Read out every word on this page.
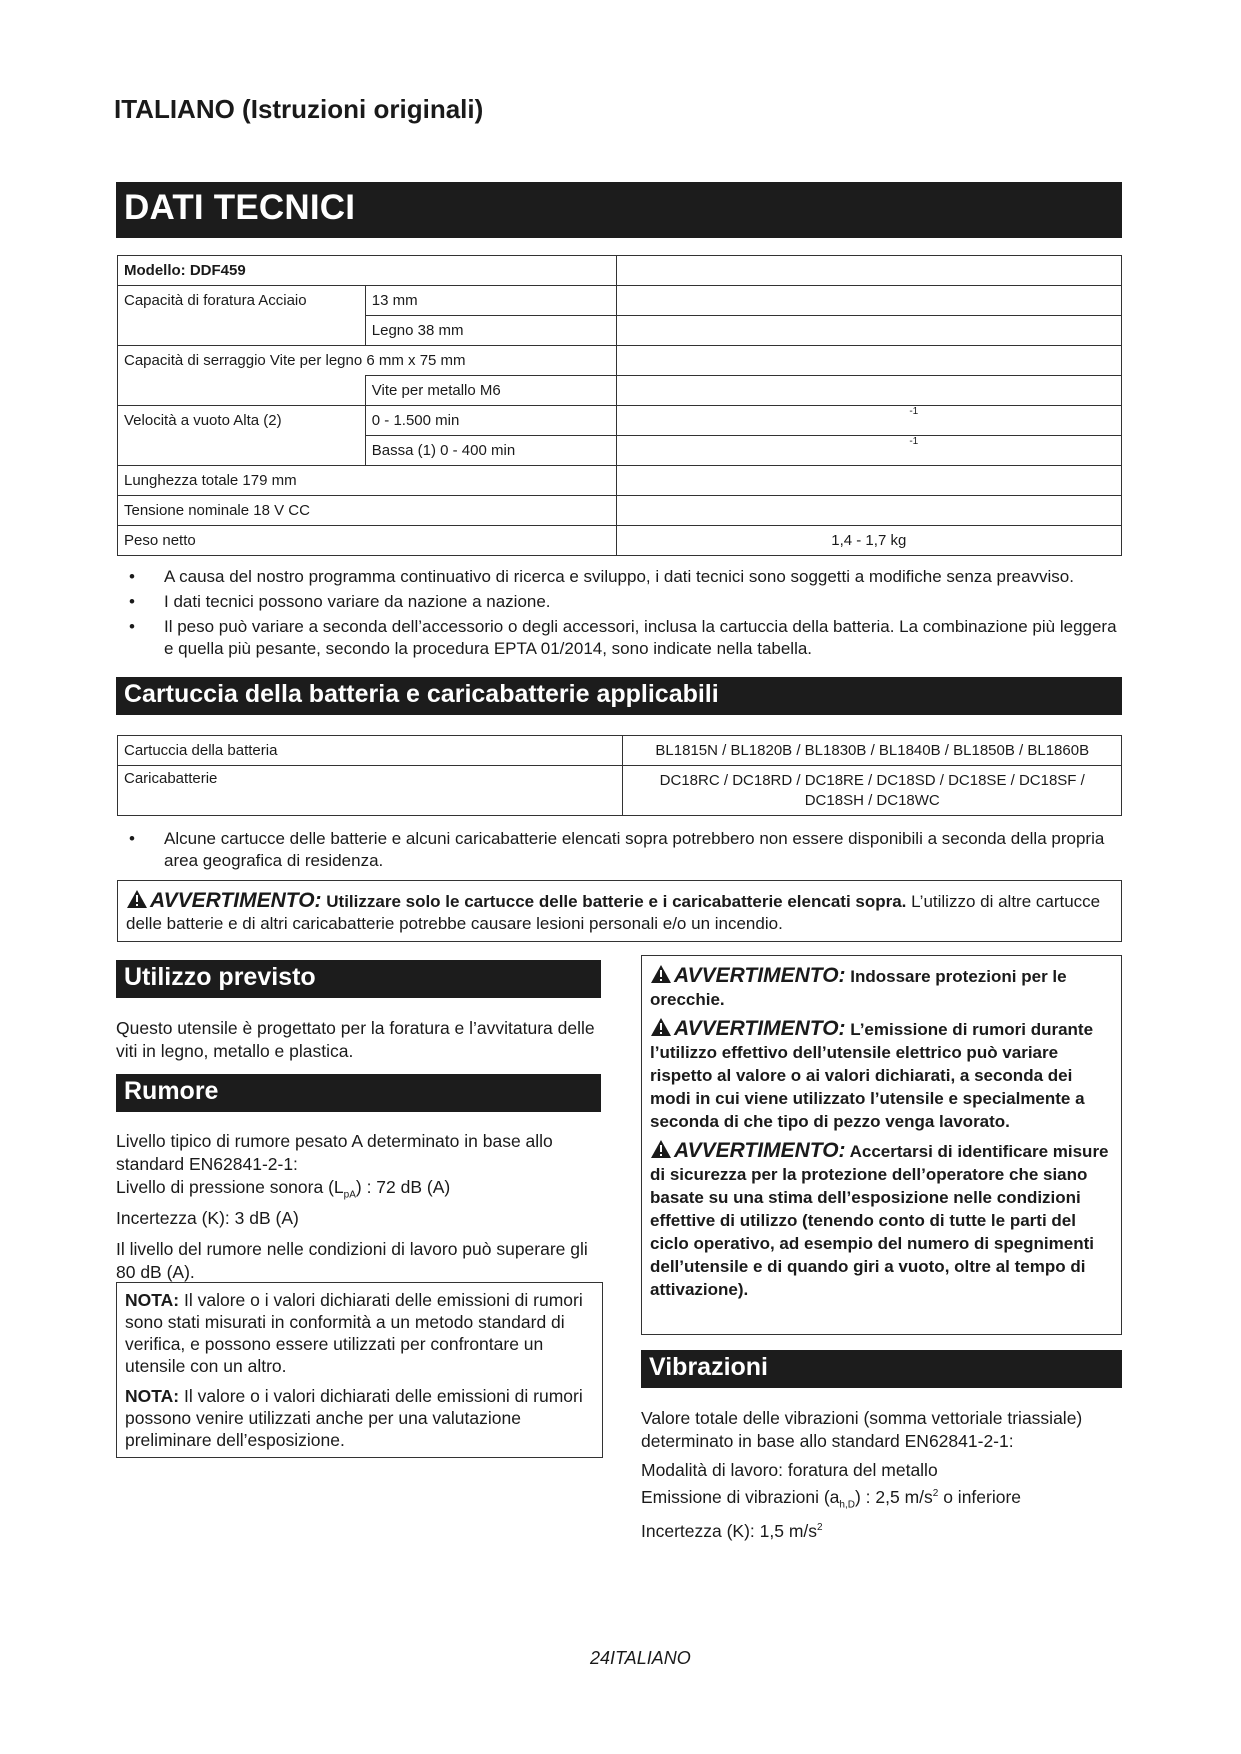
ITALIANO (Istruzioni originali)
DATI TECNICI
Modello: DDF459		
Capacità di foratura Acciaio	13 mm	
	Legno 38 mm	
Capacità di serraggio Vite per legno 6 mm x 75 mm		
	Vite per metallo M6	
Velocità a vuoto Alta (2)	0 - 1.500 min	-1
	Bassa (1) 0 - 400 min	-1
Lunghezza totale 179 mm		
Tensione nominale 18 V CC		
Peso netto		1,4 - 1,7 kg
• A causa del nostro programma continuativo di ricerca e sviluppo, i dati tecnici sono soggetti a modifiche senza preavviso.
• I dati tecnici possono variare da nazione a nazione.
• Il peso può variare a seconda dell’accessorio o degli accessori, inclusa la cartuccia della batteria. La combinazione più leggera e quella più pesante, secondo la procedura EPTA 01/2014, sono indicate nella tabella.
Cartuccia della batteria e caricabatterie applicabili
Cartuccia della batteria	BL1815N / BL1820B / BL1830B / BL1840B / BL1850B / BL1860B
Caricabatterie	DC18RC / DC18RD / DC18RE / DC18SD / DC18SE / DC18SF / DC18SH / DC18WC
• Alcune cartucce delle batterie e alcuni caricabatterie elencati sopra potrebbero non essere disponibili a seconda della propria area geografica di residenza.
AVVERTIMENTO: Utilizzare solo le cartucce delle batterie e i caricabatterie elencati sopra. L’utilizzo di altre cartucce delle batterie e di altri caricabatterie potrebbe causare lesioni personali e/o un incendio.
Utilizzo previsto
Questo utensile è progettato per la foratura e l’avvitatura delle viti in legno, metallo e plastica.
Rumore
Livello tipico di rumore pesato A determinato in base allo standard EN62841-2-1:
Livello di pressione sonora $(L_{pA})$ : 72 dB (A)
Incertezza (K): 3 dB (A)
Il livello del rumore nelle condizioni di lavoro può superare gli 80 dB (A).
NOTA: Il valore o i valori dichiarati delle emissioni di rumori sono stati misurati in conformità a un metodo standard di verifica, e possono essere utilizzati per confrontare un utensile con un altro.
NOTA: Il valore o i valori dichiarati delle emissioni di rumori possono venire utilizzati anche per una valutazione preliminare dell’esposizione.
AVVERTIMENTO: Indossare protezioni per le orecchie.
AVVERTIMENTO: L’emissione di rumori durante l’utilizzo effettivo dell’utensile elettrico può variare rispetto al valore o ai valori dichiarati, a seconda dei modi in cui viene utilizzato l’utensile e specialmente a seconda di che tipo di pezzo venga lavorato.
AVVERTIMENTO: Accertarsi di identificare misure di sicurezza per la protezione dell’operatore che siano basate su una stima dell’esposizione nelle condizioni effettive di utilizzo (tenendo conto di tutte le parti del ciclo operativo, ad esempio del numero di spegnimenti dell’utensile e di quando giri a vuoto, oltre al tempo di attivazione).
Vibrazioni
Valore totale delle vibrazioni (somma vettoriale triassiale) determinato in base allo standard EN62841-2-1:
Modalità di lavoro: foratura del metallo
Emissione di vibrazioni $(a_{h,D})$ : 2,5 $m/s^2$ o inferiore
Incertezza (K): 1,5 $m/s^2$
24ITALIANO
